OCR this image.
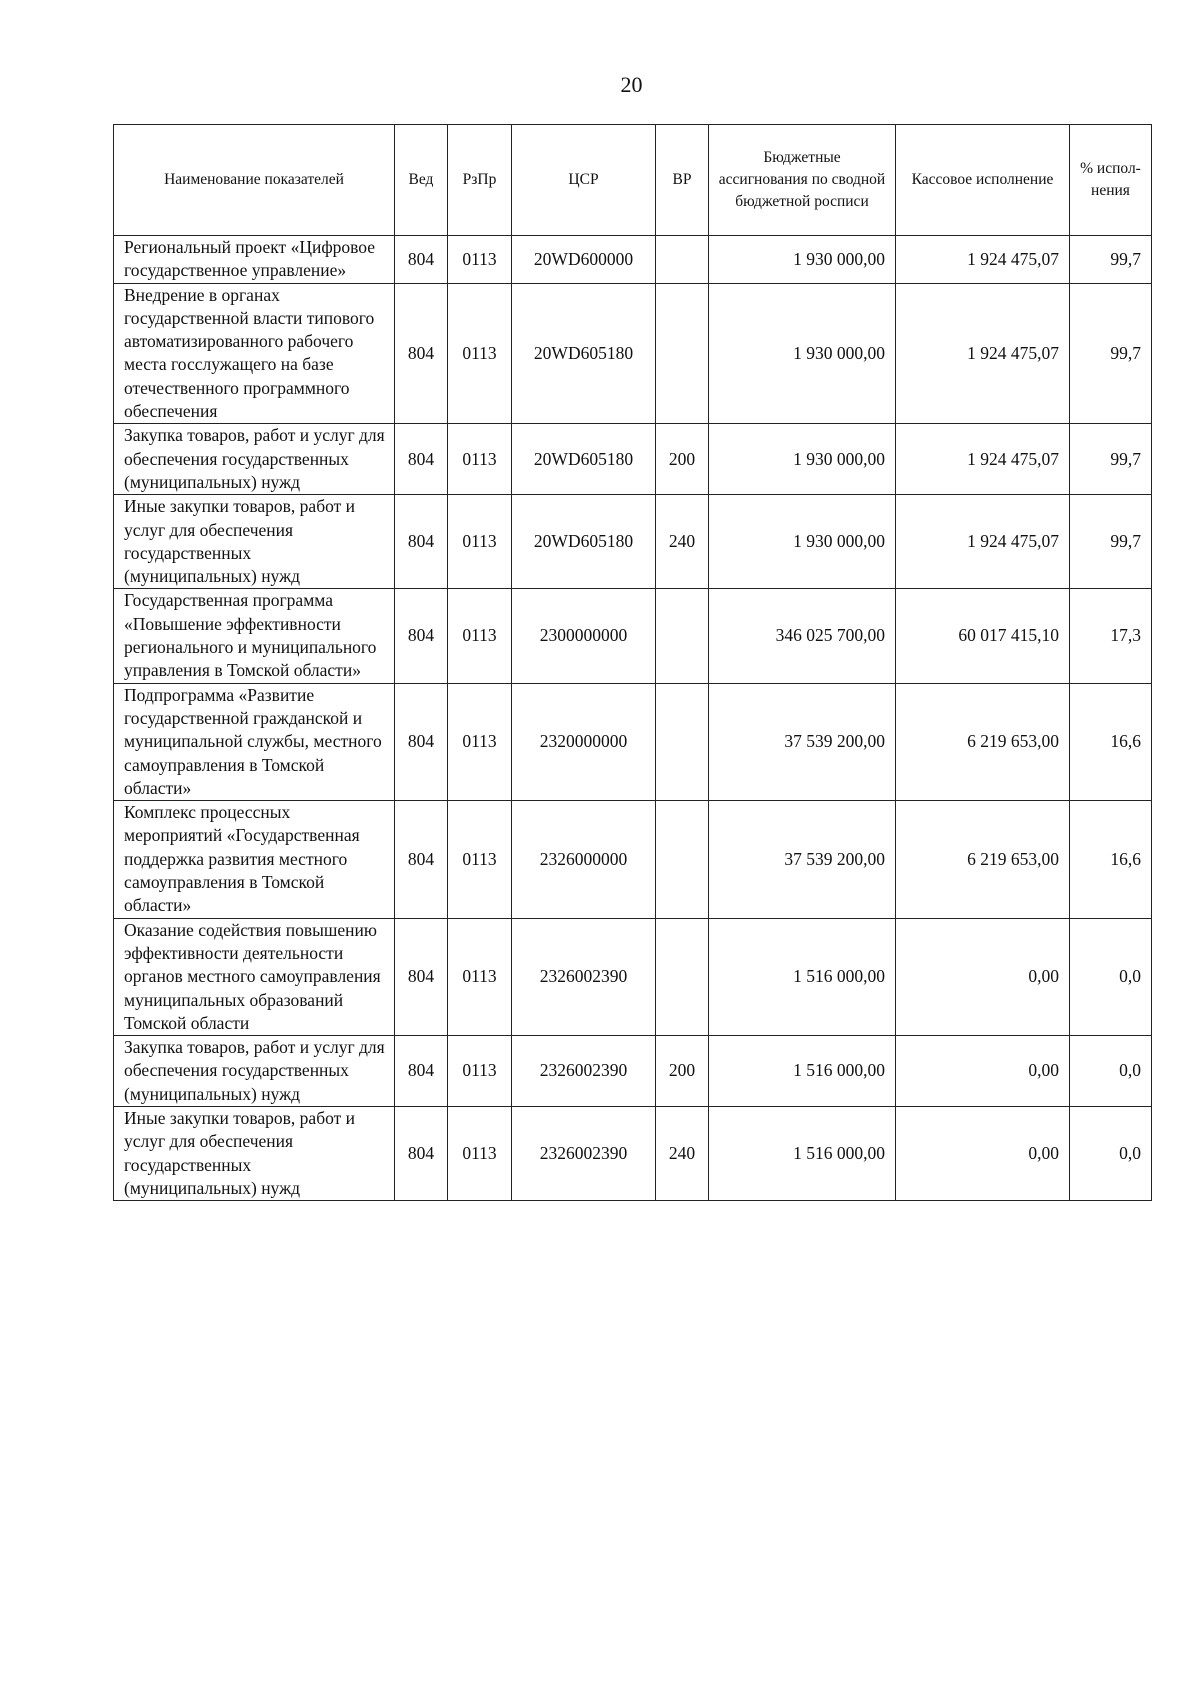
20
Наименование показателей	Вед	РзПр	ЦСР	ВР	Бюджетные ассигнования по сводной бюджетной росписи	Кассовое исполнение	% испол-нения
Региональный проект «Цифровое государственное управление»	804	0113	20WD600000		1 930 000,00	1 924 475,07	99,7
Внедрение в органах государственной власти типового автоматизированного рабочего места госслужащего на базе отечественного программного обеспечения	804	0113	20WD605180		1 930 000,00	1 924 475,07	99,7
Закупка товаров, работ и услуг для обеспечения государственных (муниципальных) нужд	804	0113	20WD605180	200	1 930 000,00	1 924 475,07	99,7
Иные закупки товаров, работ и услуг для обеспечения государственных (муниципальных) нужд	804	0113	20WD605180	240	1 930 000,00	1 924 475,07	99,7
Государственная программа «Повышение эффективности регионального и муниципального управления в Томской области»	804	0113	2300000000		346 025 700,00	60 017 415,10	17,3
Подпрограмма «Развитие государственной гражданской и муниципальной службы, местного самоуправления в Томской области»	804	0113	2320000000		37 539 200,00	6 219 653,00	16,6
Комплекс процессных мероприятий «Государственная поддержка развития местного самоуправления в Томской области»	804	0113	2326000000		37 539 200,00	6 219 653,00	16,6
Оказание содействия повышению эффективности деятельности органов местного самоуправления муниципальных образований Томской области	804	0113	2326002390		1 516 000,00	0,00	0,0
Закупка товаров, работ и услуг для обеспечения государственных (муниципальных) нужд	804	0113	2326002390	200	1 516 000,00	0,00	0,0
Иные закупки товаров, работ и услуг для обеспечения государственных (муниципальных) нужд	804	0113	2326002390	240	1 516 000,00	0,00	0,0
